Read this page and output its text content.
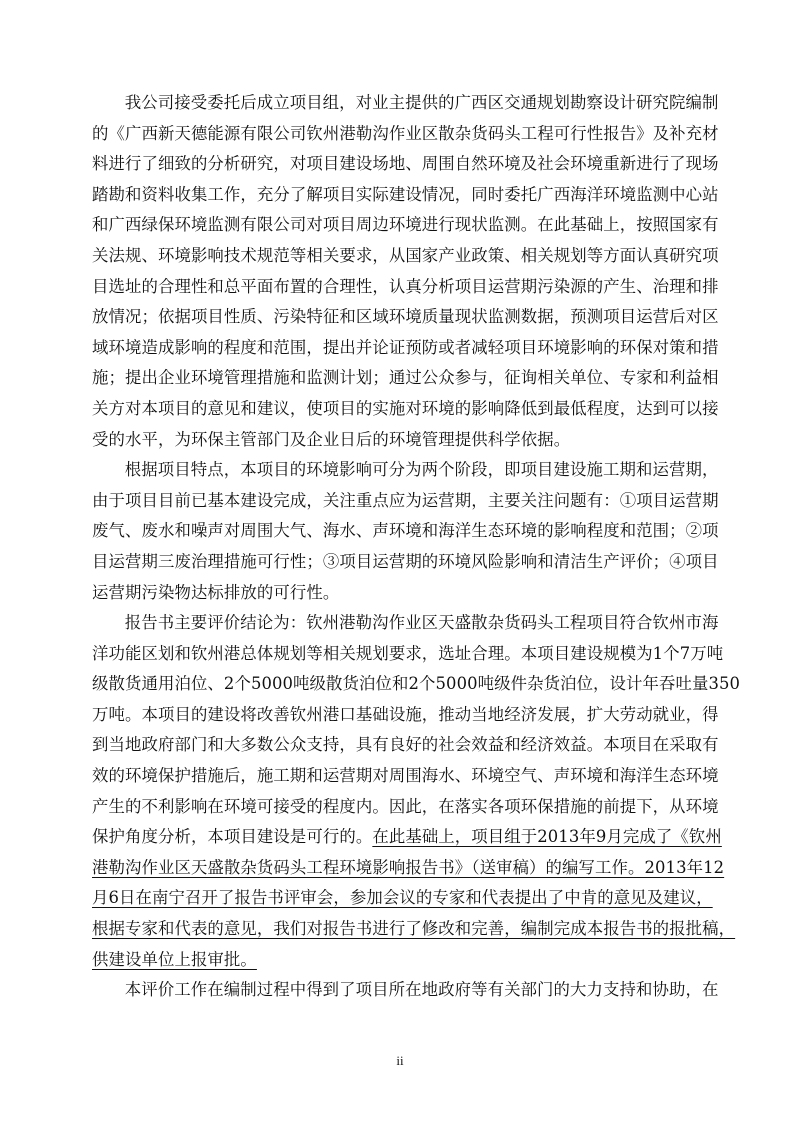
我公司接受委托后成立项目组，对业主提供的广西区交通规划勘察设计研究院编制
的《广西新天德能源有限公司钦州港勒沟作业区散杂货码头工程可行性报告》及补充材
料进行了细致的分析研究，对项目建设场地、周围自然环境及社会环境重新进行了现场
踏勘和资料收集工作，充分了解项目实际建设情况，同时委托广西海洋环境监测中心站
和广西绿保环境监测有限公司对项目周边环境进行现状监测。在此基础上，按照国家有
关法规、环境影响技术规范等相关要求，从国家产业政策、相关规划等方面认真研究项
目选址的合理性和总平面布置的合理性，认真分析项目运营期污染源的产生、治理和排
放情况；依据项目性质、污染特征和区域环境质量现状监测数据，预测项目运营后对区
域环境造成影响的程度和范围，提出并论证预防或者减轻项目环境影响的环保对策和措
施；提出企业环境管理措施和监测计划；通过公众参与，征询相关单位、专家和利益相
关方对本项目的意见和建议，使项目的实施对环境的影响降低到最低程度，达到可以接
受的水平，为环保主管部门及企业日后的环境管理提供科学依据。

根据项目特点，本项目的环境影响可分为两个阶段，即项目建设施工期和运营期，
由于项目目前已基本建设完成，关注重点应为运营期，主要关注问题有：①项目运营期
废气、废水和噪声对周围大气、海水、声环境和海洋生态环境的影响程度和范围；②项
目运营期三废治理措施可行性；③项目运营期的环境风险影响和清洁生产评价；④项目
运营期污染物达标排放的可行性。

报告书主要评价结论为：钦州港勒沟作业区天盛散杂货码头工程项目符合钦州市海
洋功能区划和钦州港总体规划等相关规划要求，选址合理。本项目建设规模为1个7万吨
级散货通用泊位、2个5000吨级散货泊位和2个5000吨级件杂货泊位，设计年吞吐量350
万吨。本项目的建设将改善钦州港口基础设施，推动当地经济发展，扩大劳动就业，得
到当地政府部门和大多数公众支持，具有良好的社会效益和经济效益。本项目在采取有
效的环境保护措施后，施工期和运营期对周围海水、环境空气、声环境和海洋生态环境
产生的不利影响在环境可接受的程度内。因此，在落实各项环保措施的前提下，从环境
保护角度分析，本项目建设是可行的。在此基础上，项目组于2013年9月完成了《钦州
港勒沟作业区天盛散杂货码头工程环境影响报告书》（送审稿）的编写工作。2013年12
月6日在南宁召开了报告书评审会，参加会议的专家和代表提出了中肯的意见及建议，
根据专家和代表的意见，我们对报告书进行了修改和完善，编制完成本报告书的报批稿，
供建设单位上报审批。

本评价工作在编制过程中得到了项目所在地政府等有关部门的大力支持和协助，在

ii
